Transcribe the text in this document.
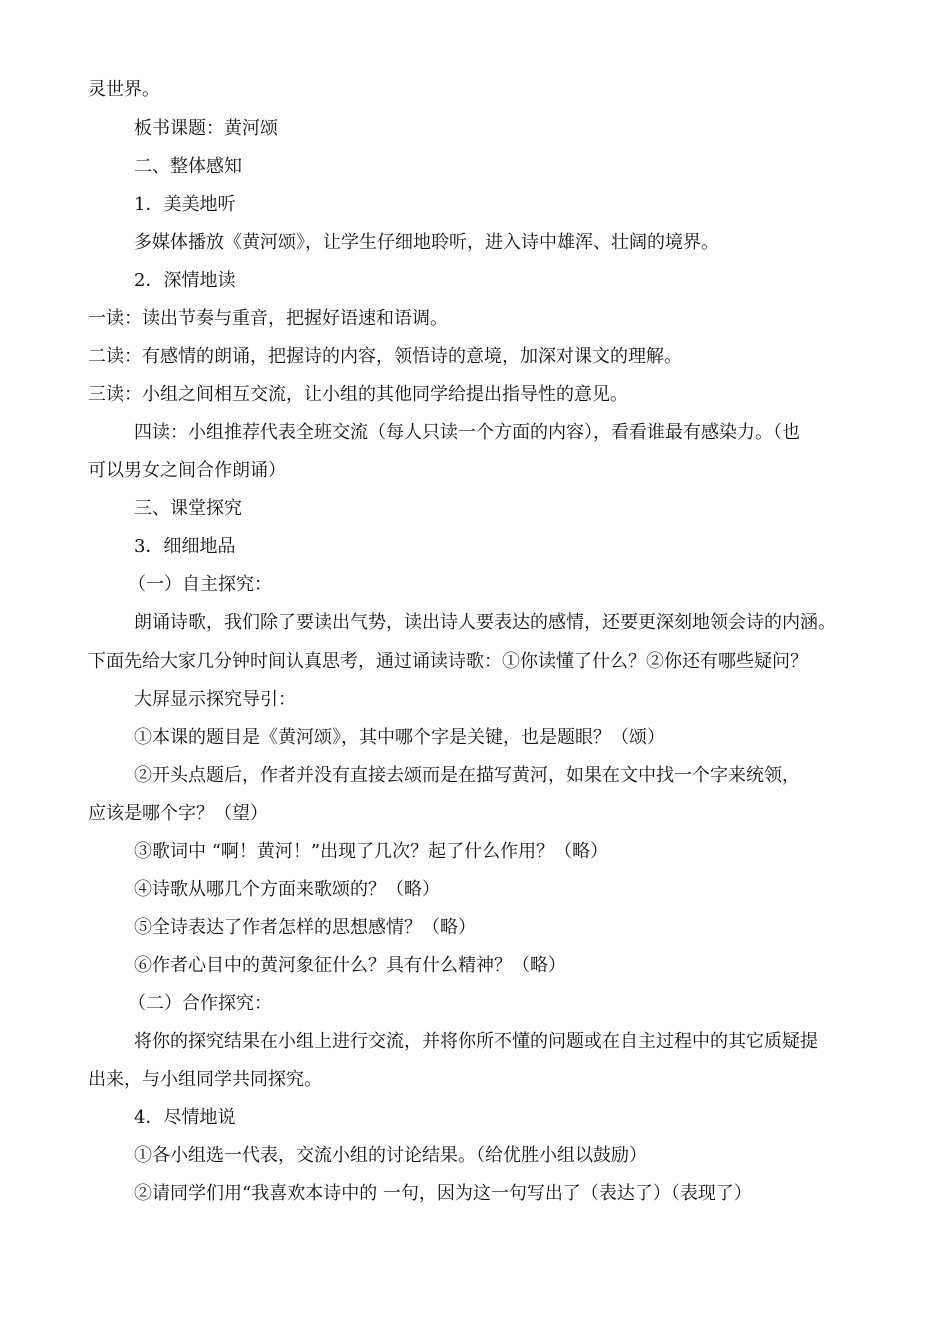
灵世界。
板书课题：黄河颂
二、整体感知
1．美美地听
多媒体播放《黄河颂》，让学生仔细地聆听，进入诗中雄浑、壮阔的境界。
2．深情地读
一读：读出节奏与重音，把握好语速和语调。
二读：有感情的朗诵，把握诗的内容，领悟诗的意境，加深对课文的理解。
三读：小组之间相互交流，让小组的其他同学给提出指导性的意见。
四读：小组推荐代表全班交流（每人只读一个方面的内容），看看谁最有感染力。（也
可以男女之间合作朗诵）
三、课堂探究
3．细细地品
（一）自主探究：
朗诵诗歌，我们除了要读出气势，读出诗人要表达的感情，还要更深刻地领会诗的内涵。
下面先给大家几分钟时间认真思考，通过诵读诗歌：①你读懂了什么？②你还有哪些疑问？
大屏显示探究导引：
①本课的题目是《黄河颂》，其中哪个字是关键，也是题眼？（颂）
②开头点题后，作者并没有直接去颂而是在描写黄河，如果在文中找一个字来统领，
应该是哪个字？（望）
③歌词中 “啊！黄河！”出现了几次？起了什么作用？（略）
④诗歌从哪几个方面来歌颂的？（略）
⑤全诗表达了作者怎样的思想感情？（略）
⑥作者心目中的黄河象征什么？具有什么精神？（略）
（二）合作探究：
将你的探究结果在小组上进行交流，并将你所不懂的问题或在自主过程中的其它质疑提
出来，与小组同学共同探究。
4．尽情地说
①各小组选一代表，交流小组的讨论结果。（给优胜小组以鼓励）
②请同学们用“我喜欢本诗中的 一句，因为这一句写出了（表达了）（表现了）
